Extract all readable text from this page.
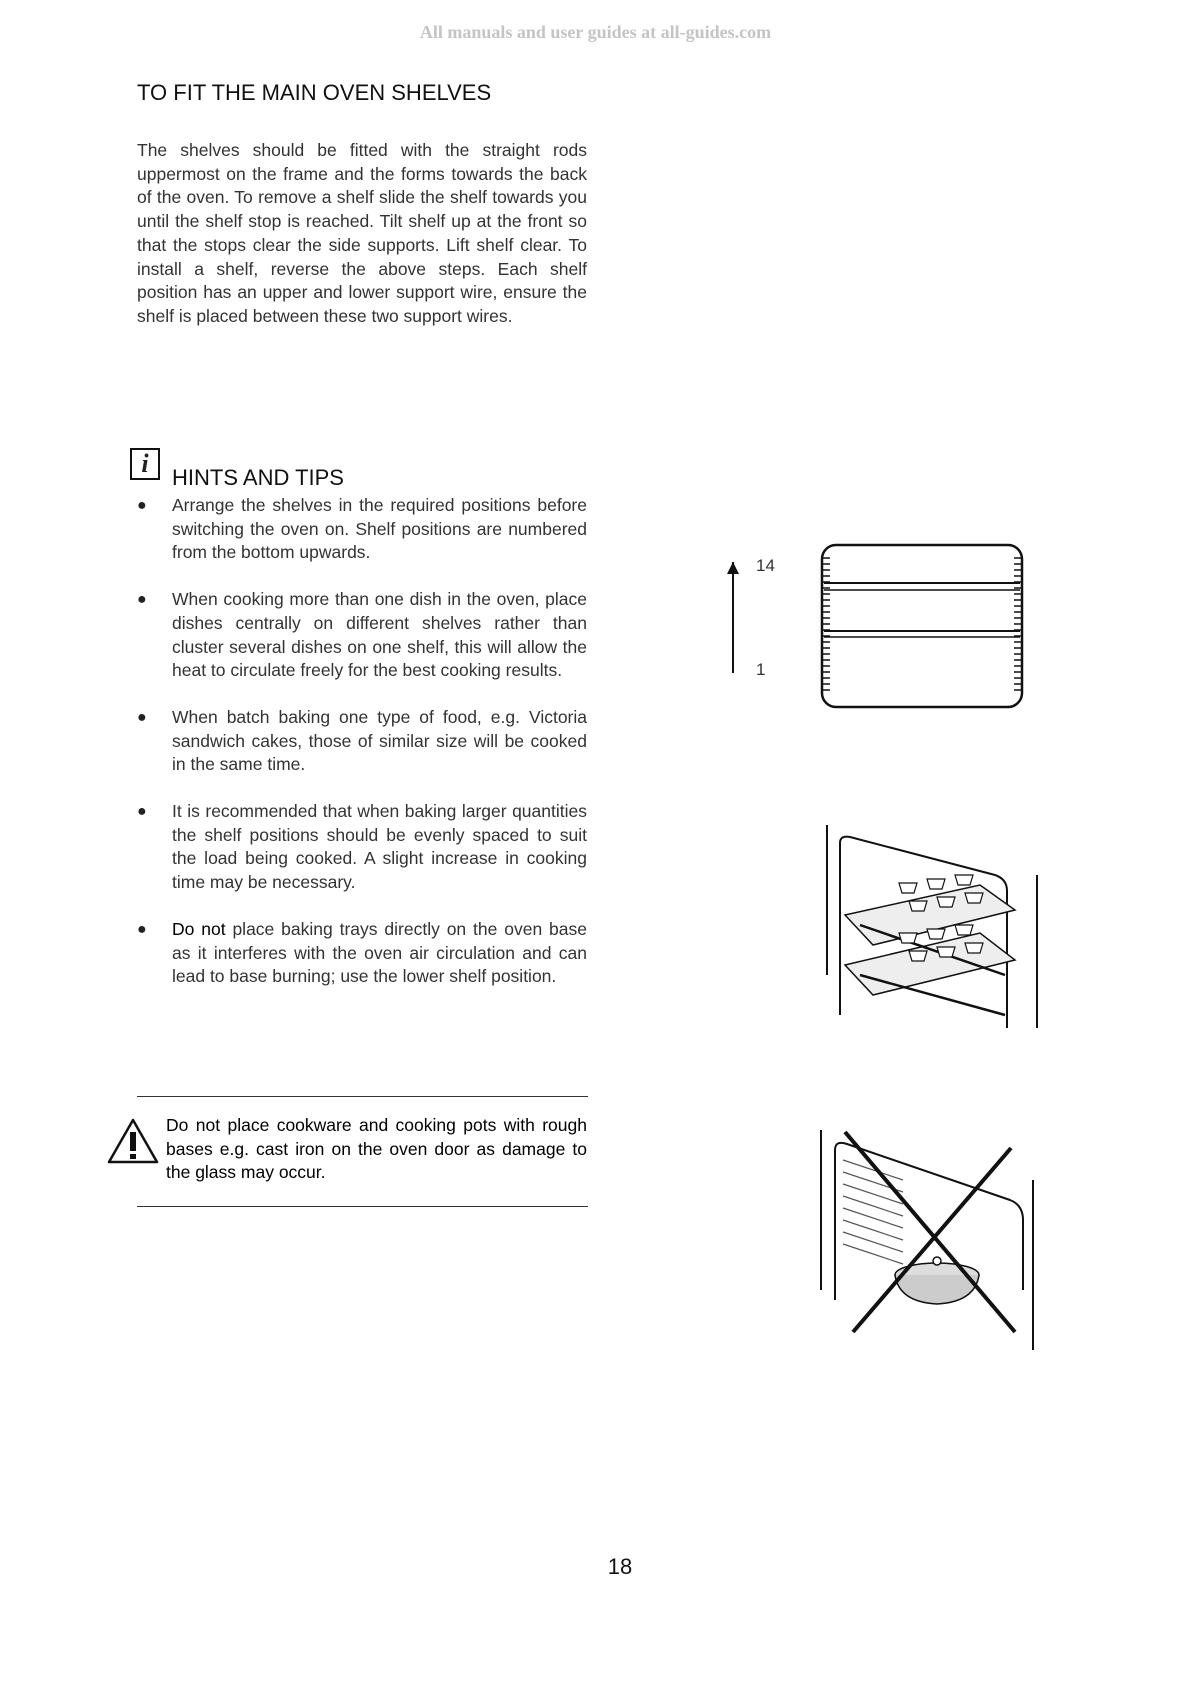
All manuals and user guides at all-guides.com
TO FIT THE MAIN OVEN SHELVES
The shelves should be fitted with the straight rods uppermost on the frame and the forms towards the back of the oven. To remove a shelf slide the shelf towards you until the shelf stop is reached. Tilt shelf up at the front so that the stops clear the side supports. Lift shelf clear. To install a shelf, reverse the above steps. Each shelf position has an upper and lower support wire, ensure the shelf is placed between these two support wires.
i	HINTS AND TIPS
● Arrange the shelves in the required positions before switching the oven on. Shelf positions are numbered from the bottom upwards.
● When cooking more than one dish in the oven, place dishes centrally on different shelves rather than cluster several dishes on one shelf, this will allow the heat to circulate freely for the best cooking results.
● When batch baking one type of food, e.g. Victoria sandwich cakes, those of similar size will be cooked in the same time.
● It is recommended that when baking larger quantities the shelf positions should be evenly spaced to suit the load being cooked. A slight increase in cooking time may be necessary.
● Do not place baking trays directly on the oven base as it interferes with the oven air circulation and can lead to base burning; use the lower shelf position.
Do not place cookware and cooking pots with rough bases e.g. cast iron on the oven door as damage to the glass may occur.
14
1
18
